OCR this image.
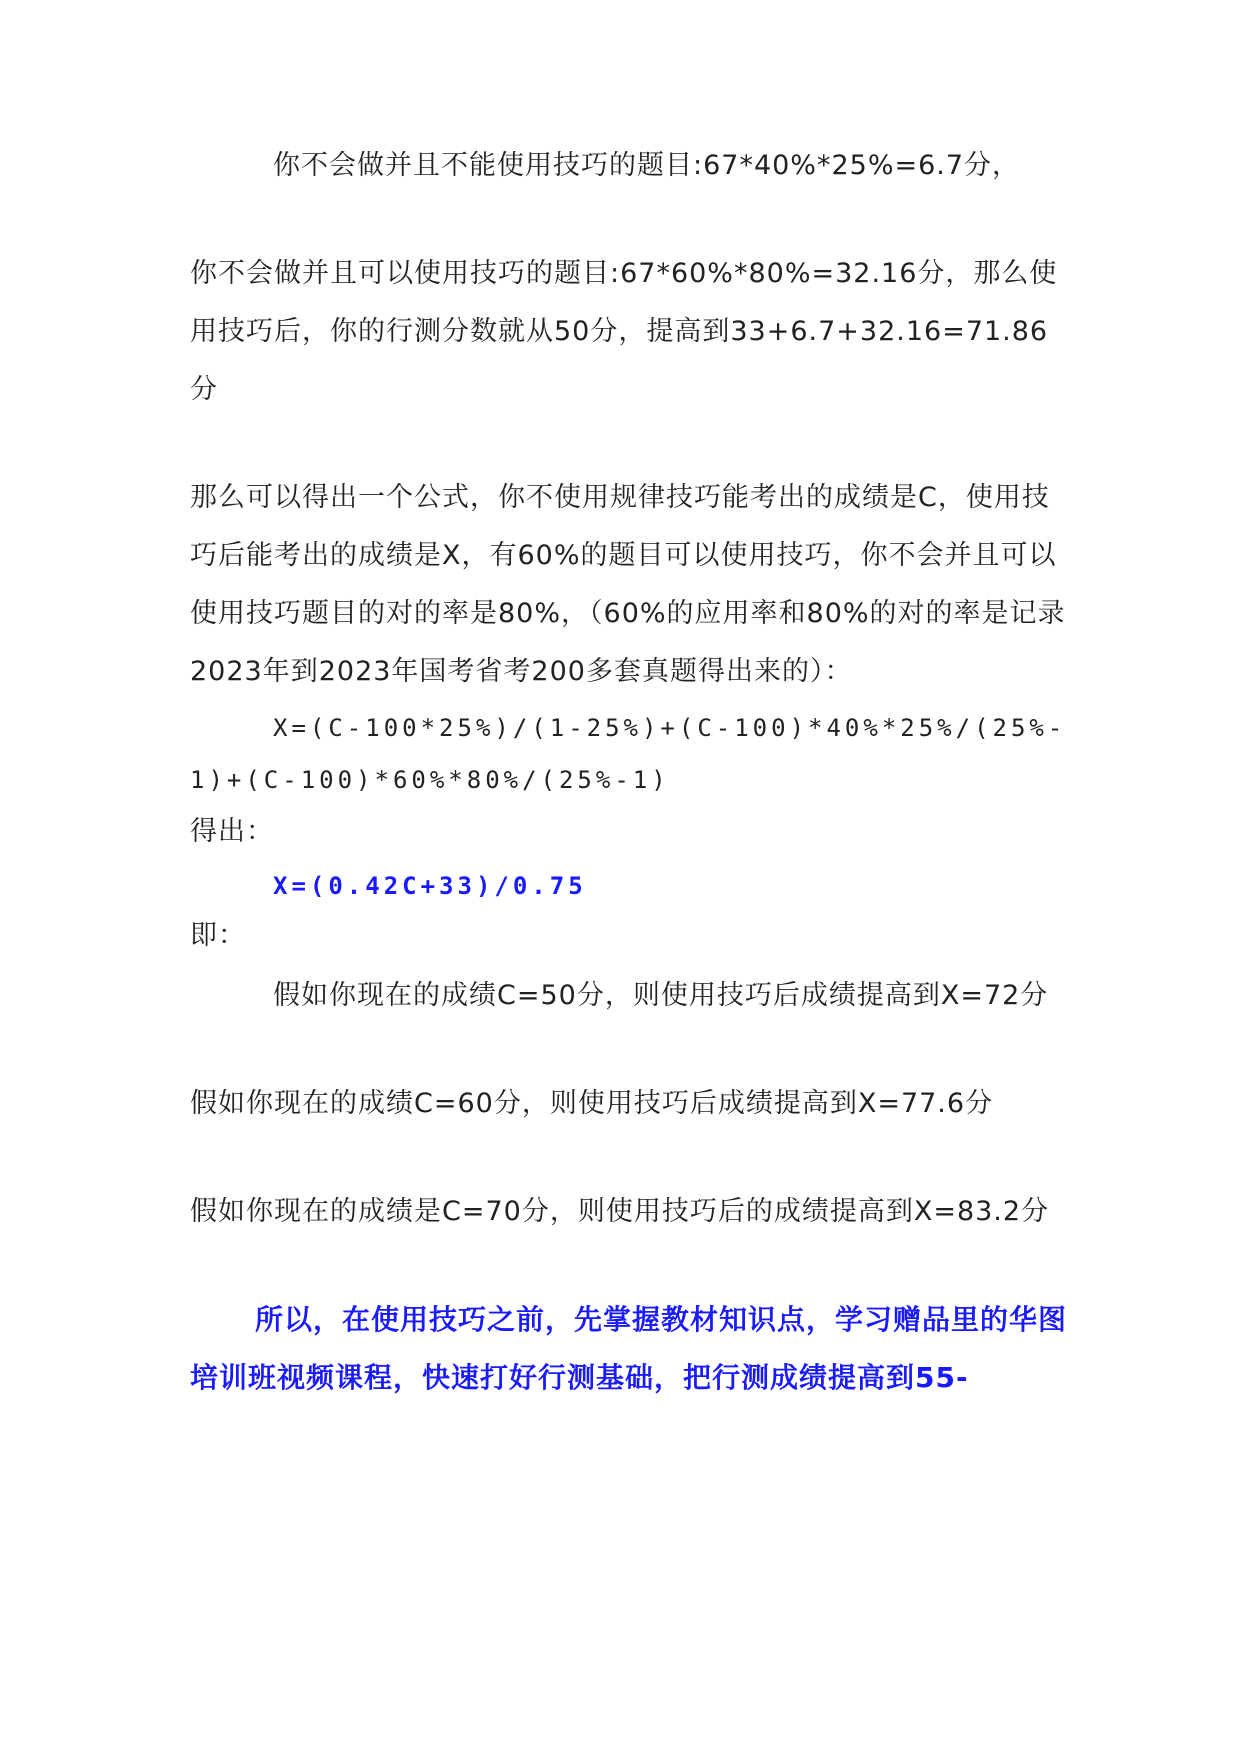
你不会做并且不能使用技巧的题目:67*40%*25%=6.7分，
你不会做并且可以使用技巧的题目:67*60%*80%=32.16分，那么使
用技巧后，你的行测分数就从50分，提高到33+6.7+32.16=71.86
分
那么可以得出一个公式，你不使用规律技巧能考出的成绩是C，使用技
巧后能考出的成绩是X，有60%的题目可以使用技巧，你不会并且可以
使用技巧题目的对的率是80%，（60%的应用率和80%的对的率是记录
2023年到2023年国考省考200多套真题得出来的）：
X=(C-100*25%)/(1-25%)+(C-100)*40%*25%/(25%-
1)+(C-100)*60%*80%/(25%-1)
得出：
X=(0.42C+33)/0.75
即：
假如你现在的成绩C=50分，则使用技巧后成绩提高到X=72分
假如你现在的成绩C=60分，则使用技巧后成绩提高到X=77.6分
假如你现在的成绩是C=70分，则使用技巧后的成绩提高到X=83.2分
所以，在使用技巧之前，先掌握教材知识点，学习赠品里的华图
培训班视频课程，快速打好行测基础，把行测成绩提高到55-
